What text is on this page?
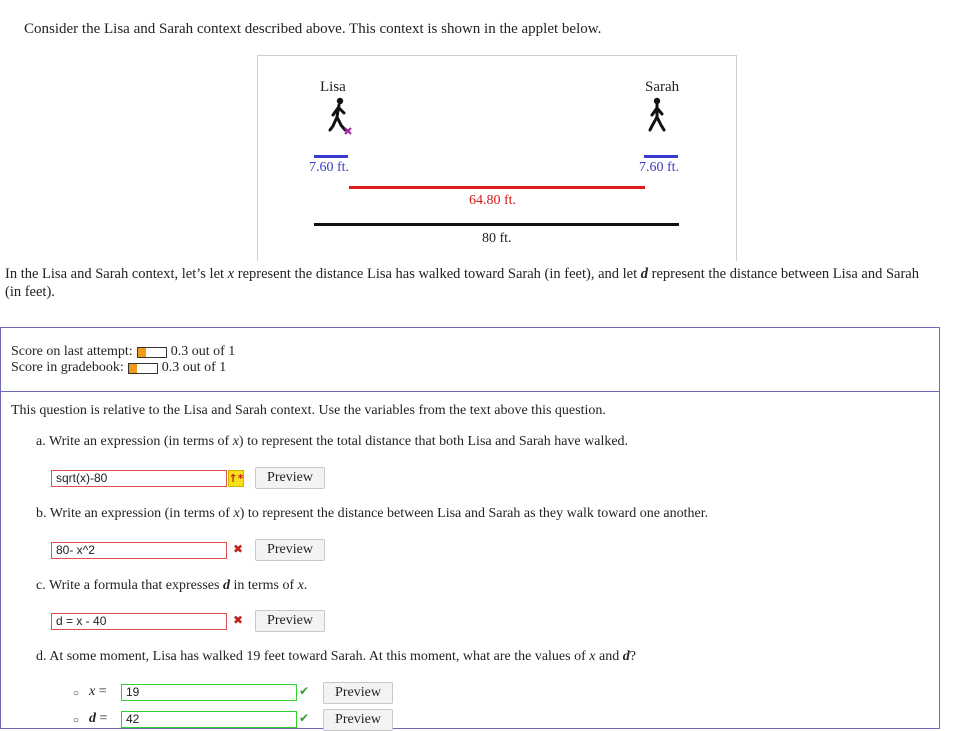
Consider the Lisa and Sarah context described above. This context is shown in the applet below.
Lisa	Sarah
7.60 ft.	7.60 ft.
64.80 ft.
80 ft.
In the Lisa and Sarah context, let’s let x represent the distance Lisa has walked toward Sarah (in feet), and let d represent the distance between Lisa and Sarah (in feet).
Score on last attempt:	0.3 out of 1
Score in gradebook:	0.3 out of 1
This question is relative to the Lisa and Sarah context. Use the variables from the text above this question.
a. Write an expression (in terms of x) to represent the total distance that both Lisa and Sarah have walked.
sqrt(x)-80	↑*	Preview
b. Write an expression (in terms of x) to represent the distance between Lisa and Sarah as they walk toward one another.
80- x^2	✖	Preview
c. Write a formula that expresses d in terms of x.
d = x - 40	✖	Preview
d. At some moment, Lisa has walked 19 feet toward Sarah. At this moment, what are the values of x and d?
○ x =	19	✔	Preview
○ d =	42	✔	Preview
